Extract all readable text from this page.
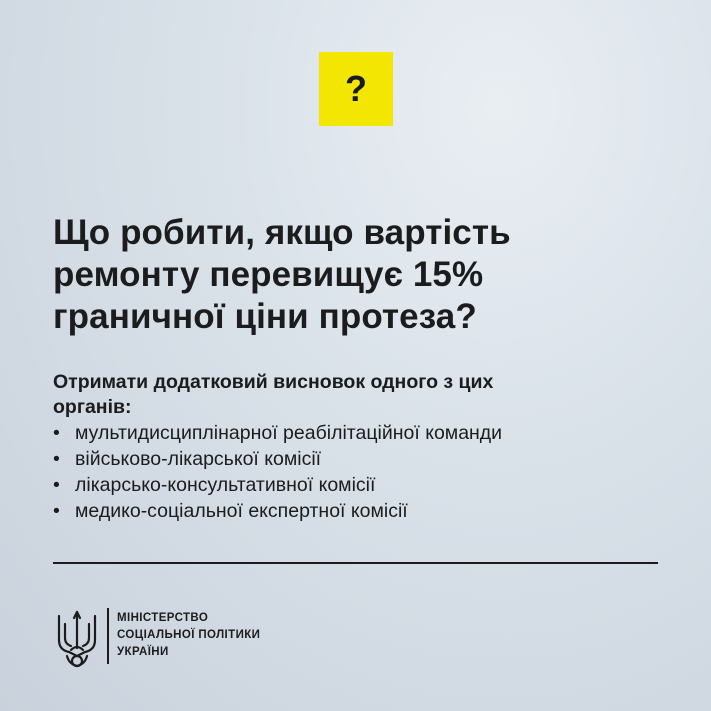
?
Що робити, якщо вартість
ремонту перевищує 15%
граничної ціни протеза?
Отримати додатковий висновок одного з цих
органів:
• мультидисциплінарної реабілітаційної команди
• військово-лікарської комісії
• лікарсько-консультативної комісії
• медико-соціальної експертної комісії
МІНІСТЕРСТВО
СОЦІАЛЬНОЇ ПОЛІТИКИ
УКРАЇНИ
